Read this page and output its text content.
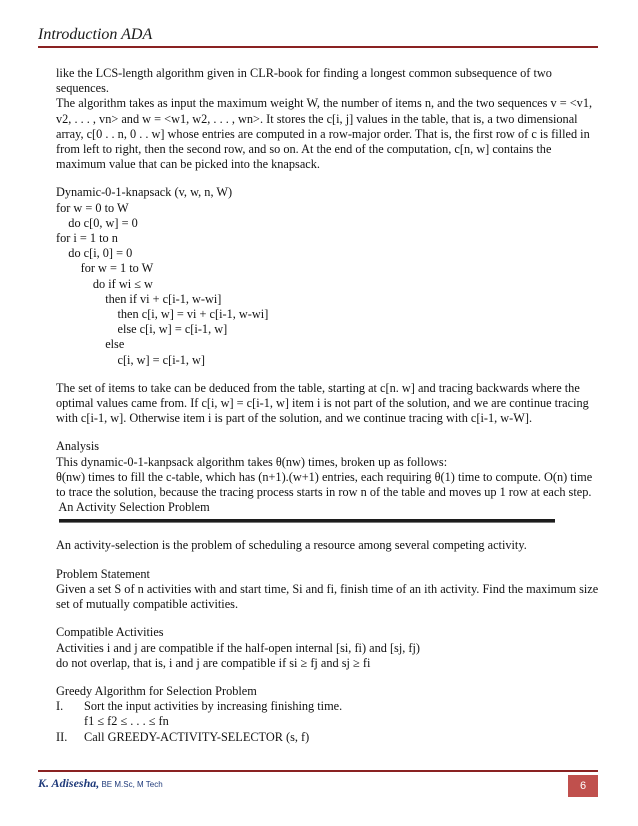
Introduction ADA

like the LCS-length algorithm given in CLR-book for finding a longest common subsequence of two sequences.

The algorithm takes as input the maximum weight W, the number of items n, and the two sequences v = <v1, v2, . . . , vn> and w = <w1, w2, . . . , wn>. It stores the c[i, j] values in the table, that is, a two dimensional array, c[0 . . n, 0 . . w] whose entries are computed in a row-major order. That is, the first row of c is filled in from left to right, then the second row, and so on. At the end of the computation, c[n, w] contains the maximum value that can be picked into the knapsack.

Dynamic-0-1-knapsack (v, w, n, W)
for w = 0 to W
do c[0, w] = 0
for i = 1 to n
do c[i, 0] = 0
for w = 1 to W
do if wi ≤ w
then if vi + c[i-1, w-wi]
then c[i, w] = vi + c[i-1, w-wi]
else c[i, w] = c[i-1, w]
else
c[i, w] = c[i-1, w]

The set of items to take can be deduced from the table, starting at c[n. w] and tracing backwards where the optimal values came from. If c[i, w] = c[i-1, w] item i is not part of the solution, and we are continue tracing with c[i-1, w]. Otherwise item i is part of the solution, and we continue tracing with c[i-1, w-W].

Analysis

This dynamic-0-1-kanpsack algorithm takes θ(nw) times, broken up as follows:

θ(nw) times to fill the c-table, which has (n+1).(w+1) entries, each requiring θ(1) time to compute. O(n) time to trace the solution, because the tracing process starts in row n of the table and moves up 1 row at each step.

An Activity Selection Problem

An activity-selection is the problem of scheduling a resource among several competing activity.

Problem Statement

Given a set S of n activities with and start time, Si and fi, finish time of an ith activity. Find the maximum size set of mutually compatible activities.

Compatible Activities

Activities i and j are compatible if the half-open internal [si, fi) and [sj, fj)

do not overlap, that is, i and j are compatible if si ≥ fj and sj ≥ fi

Greedy Algorithm for Selection Problem

I.	Sort the input activities by increasing finishing time.
f1 ≤ f2 ≤ . . . ≤ fn
II.	Call GREEDY-ACTIVITY-SELECTOR (s, f)
K. Adisesha, BE M.Sc, M Tech	6
